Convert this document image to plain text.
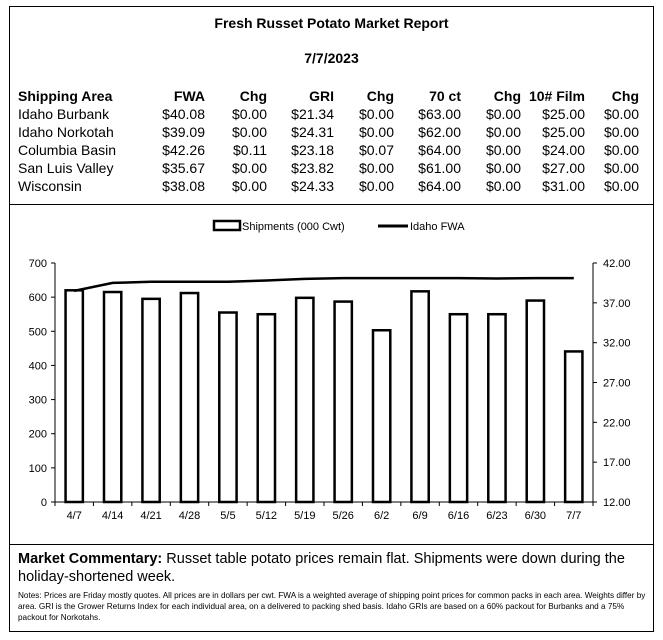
Fresh Russet Potato Market Report
7/7/2023
Shipping Area	FWA	Chg	GRI	Chg	70 ct	Chg	10# Film	Chg
Idaho Burbank	$40.08	$0.00	$21.34	$0.00	$63.00	$0.00	$25.00	$0.00
Idaho Norkotah	$39.09	$0.00	$24.31	$0.00	$62.00	$0.00	$25.00	$0.00
Columbia Basin	$42.26	$0.11	$23.18	$0.07	$64.00	$0.00	$24.00	$0.00
San Luis Valley	$35.67	$0.00	$23.82	$0.00	$61.00	$0.00	$27.00	$0.00
Wisconsin	$38.08	$0.00	$24.33	$0.00	$64.00	$0.00	$31.00	$0.00
0
100
200
300
400
500
600
700
12.00
17.00
22.00
27.00
32.00
37.00
42.00
4/7 4/14 4/21 4/28 5/5 5/12 5/19 5/26 6/2 6/9 6/16 6/23 6/30 7/7
Shipments (000 Cwt)	Idaho FWA
Market Commentary: Russet table potato prices remain flat. Shipments were down during the holiday-shortened week.
Notes: Prices are Friday mostly quotes. All prices are in dollars per cwt. FWA is a weighted average of shipping point prices for common packs in each area. Weights differ by area. GRI is the Grower Returns Index for each individual area, on a delivered to packing shed basis. Idaho GRIs are based on a 60% packout for Burbanks and a 75% packout for Norkotahs.
